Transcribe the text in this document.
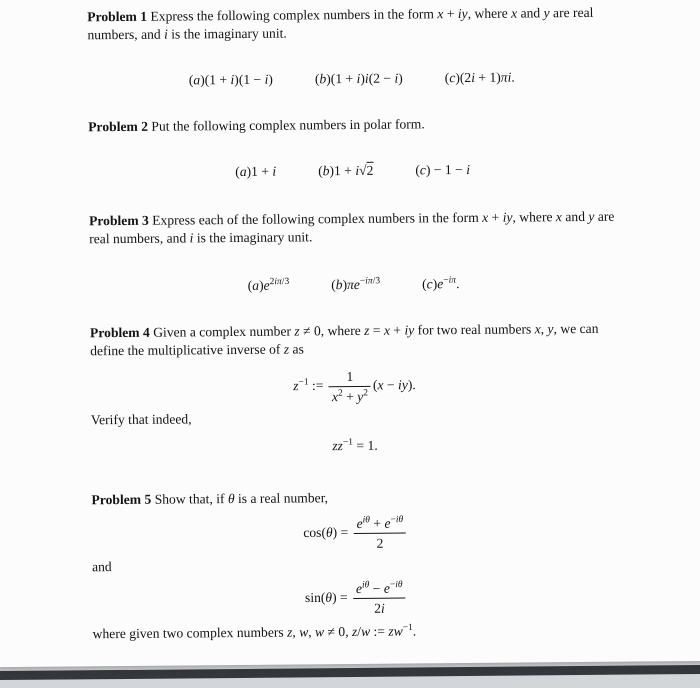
Problem 1 Express the following complex numbers in the form x + iy, where x and y are real numbers, and i is the imaginary unit.
(a)(1 + i)(1 − i)	(b)(1 + i)i(2 − i)	(c)(2i + 1)πi.
Problem 2 Put the following complex numbers in polar form.
(a)1 + i	(b)1 + i√2	(c) − 1 − i
Problem 3 Express each of the following complex numbers in the form x + iy, where x and y are real numbers, and i is the imaginary unit.
$(a)e^{2i\pi/3}$	$(b)\pi e^{-i\pi/3}$	$(c)e^{-i\pi}$.
Problem 4 Given a complex number z ≠ 0, where z = x + iy for two real numbers x, y, we can define the multiplicative inverse of z as
$z^{-1}$ := $\frac{1}{x^2 + y^2} (x - iy)$.
Verify that indeed,
$zz^{-1} = 1$.
Problem 5 Show that, if θ is a real number,
$\cos(\theta) = \frac{e^{i\theta} + e^{-i\theta}}{2}$
and
$\sin(\theta) = \frac{e^{i\theta} - e^{-i\theta}}{2i}$
where given two complex numbers z, w, w ≠ 0, z/w := $zw^{-1}$.
